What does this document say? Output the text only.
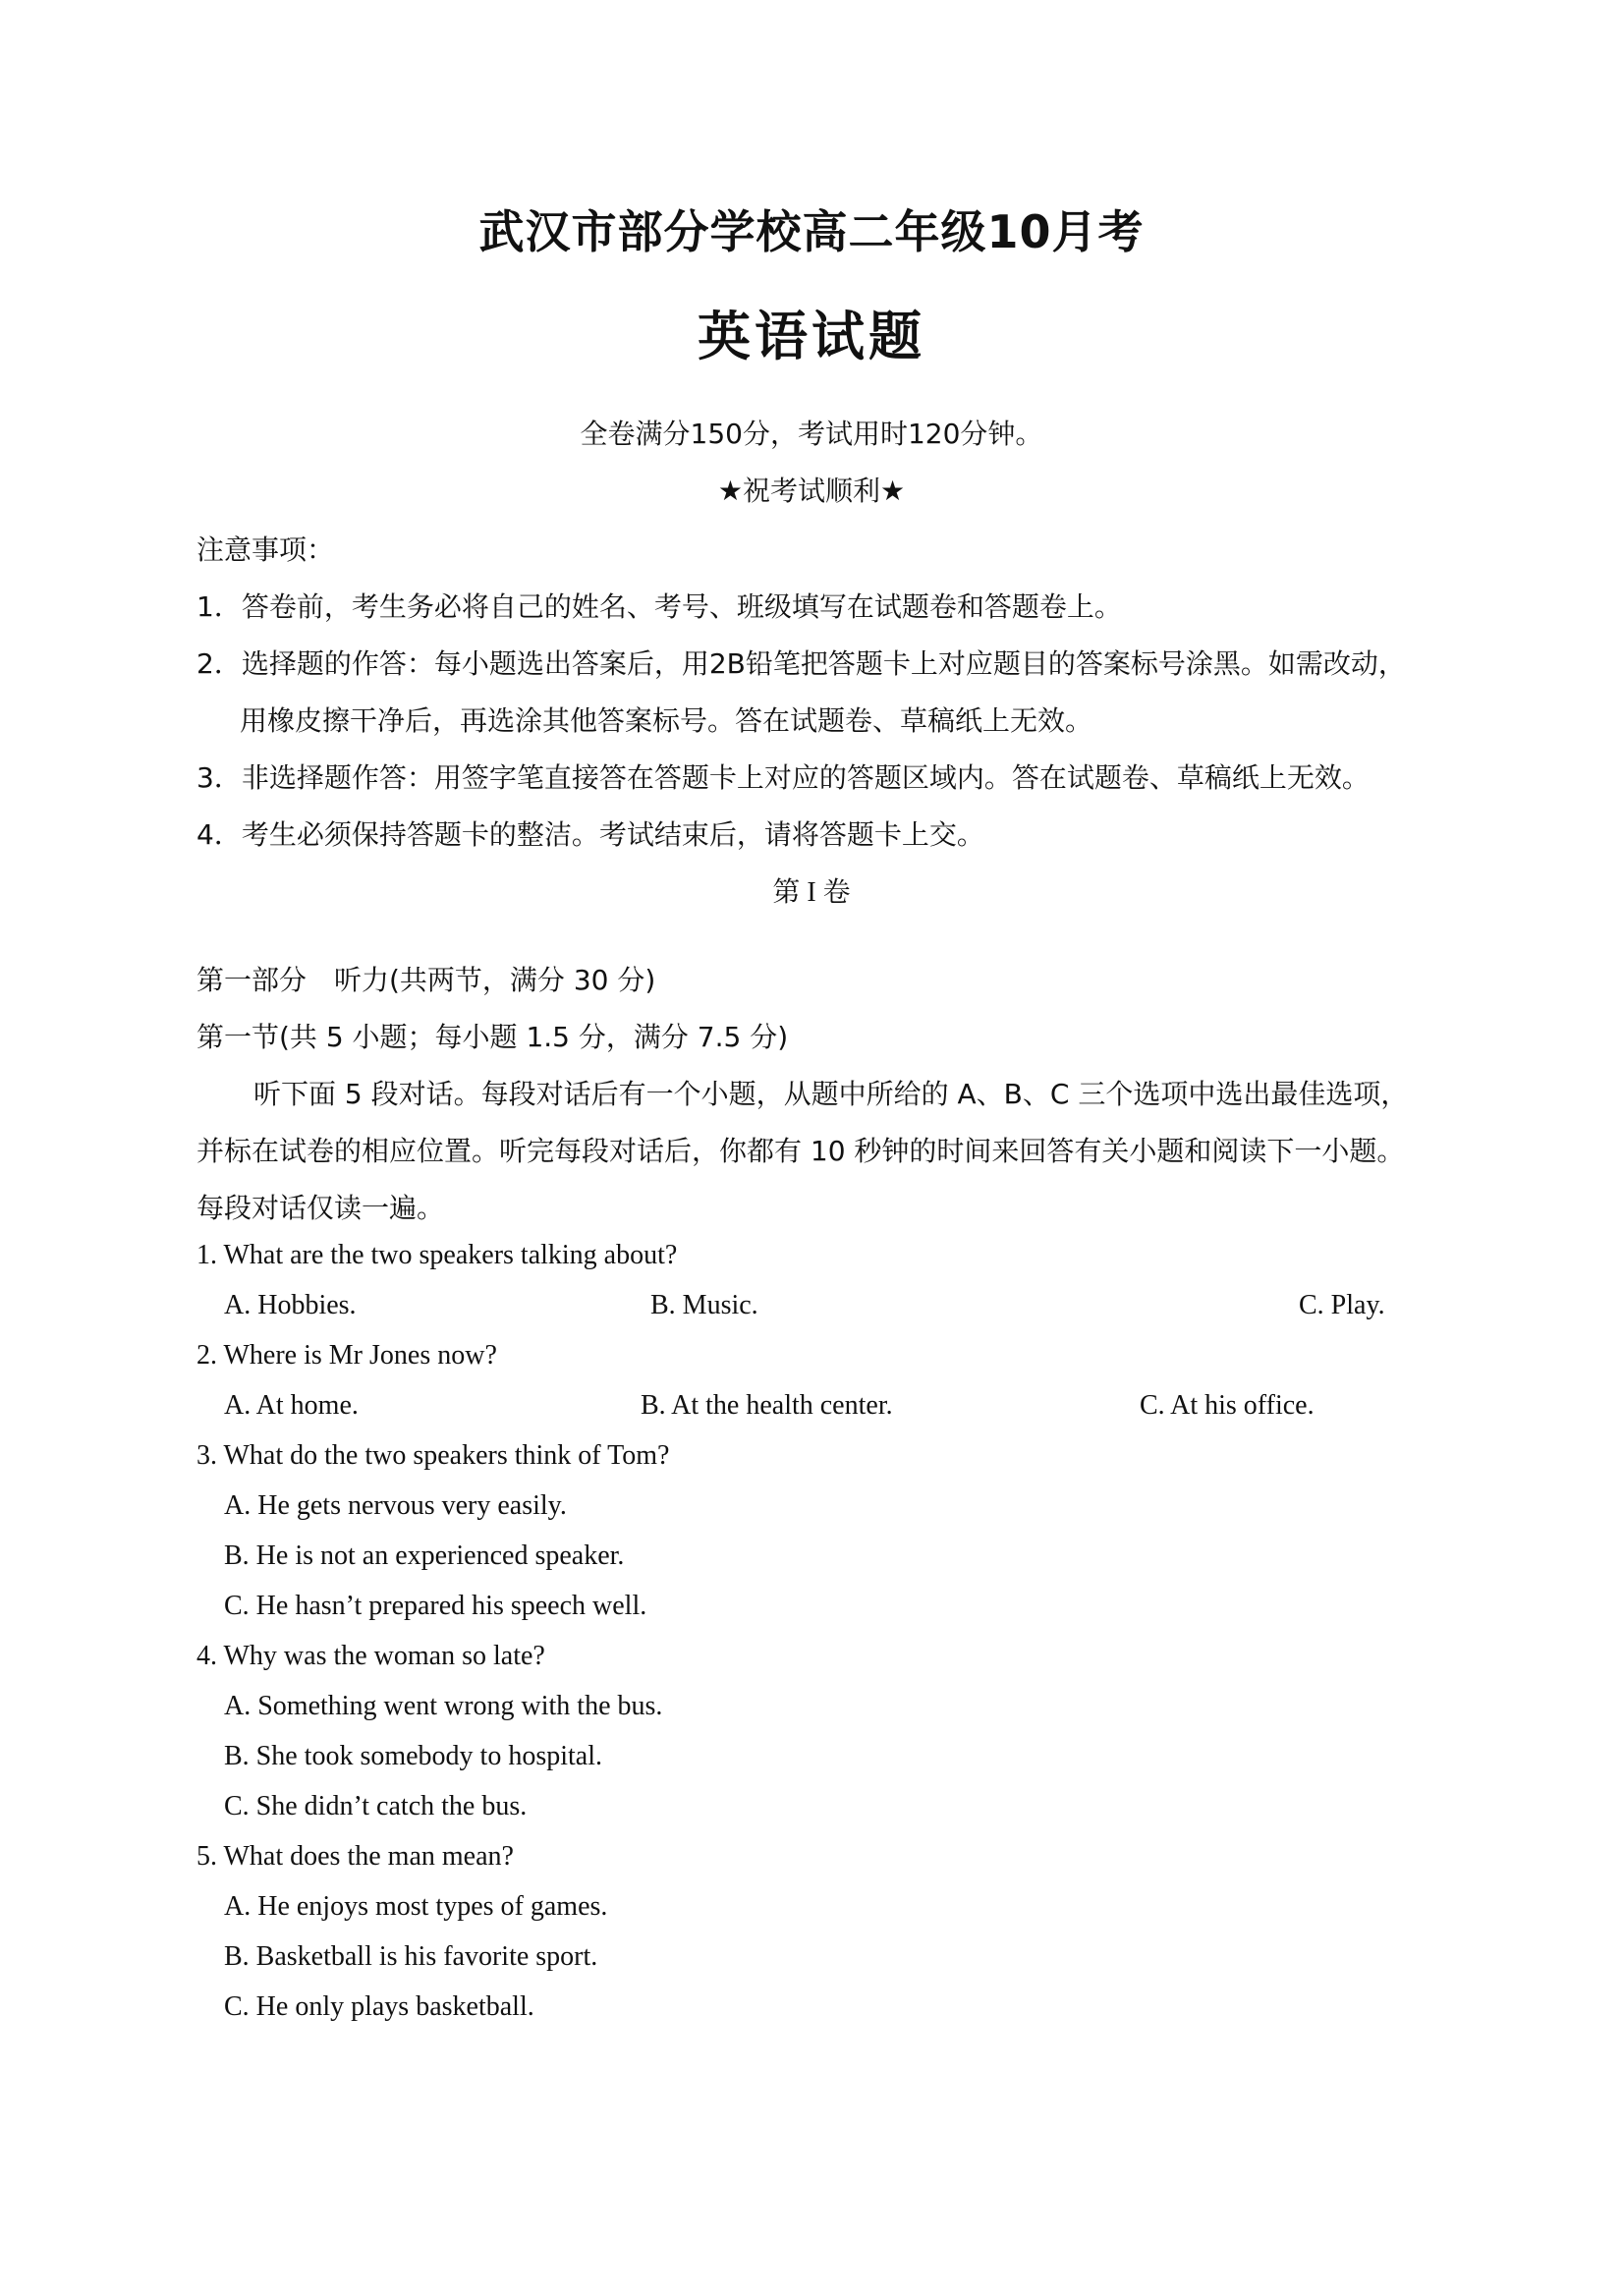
武汉市部分学校高二年级10月考
英语试题
全卷满分150分，考试用时120分钟。
★祝考试顺利★
注意事项：
1．答卷前，考生务必将自己的姓名、考号、班级填写在试题卷和答题卷上。
2．选择题的作答：每小题选出答案后，用2B铅笔把答题卡上对应题目的答案标号涂黑。如需改动，
用橡皮擦干净后，再选涂其他答案标号。答在试题卷、草稿纸上无效。
3．非选择题作答：用签字笔直接答在答题卡上对应的答题区域内。答在试题卷、草稿纸上无效。
4．考生必须保持答题卡的整洁。考试结束后，请将答题卡上交。
第 I 卷
第一部分　听力(共两节，满分 30 分)
第一节(共 5 小题；每小题 1.5 分，满分 7.5 分)
听下面 5 段对话。每段对话后有一个小题，从题中所给的 A、B、C 三个选项中选出最佳选项，
并标在试卷的相应位置。听完每段对话后，你都有 10 秒钟的时间来回答有关小题和阅读下一小题。
每段对话仅读一遍。
1. What are the two speakers talking about?
A. Hobbies.	B. Music.	C. Play.
2. Where is Mr Jones now?
A. At home.	B. At the health center.	C. At his office.
3. What do the two speakers think of Tom?
A. He gets nervous very easily.
B. He is not an experienced speaker.
C. He hasn’t prepared his speech well.
4. Why was the woman so late?
A. Something went wrong with the bus.
B. She took somebody to hospital.
C. She didn’t catch the bus.
5. What does the man mean?
A. He enjoys most types of games.
B. Basketball is his favorite sport.
C. He only plays basketball.
